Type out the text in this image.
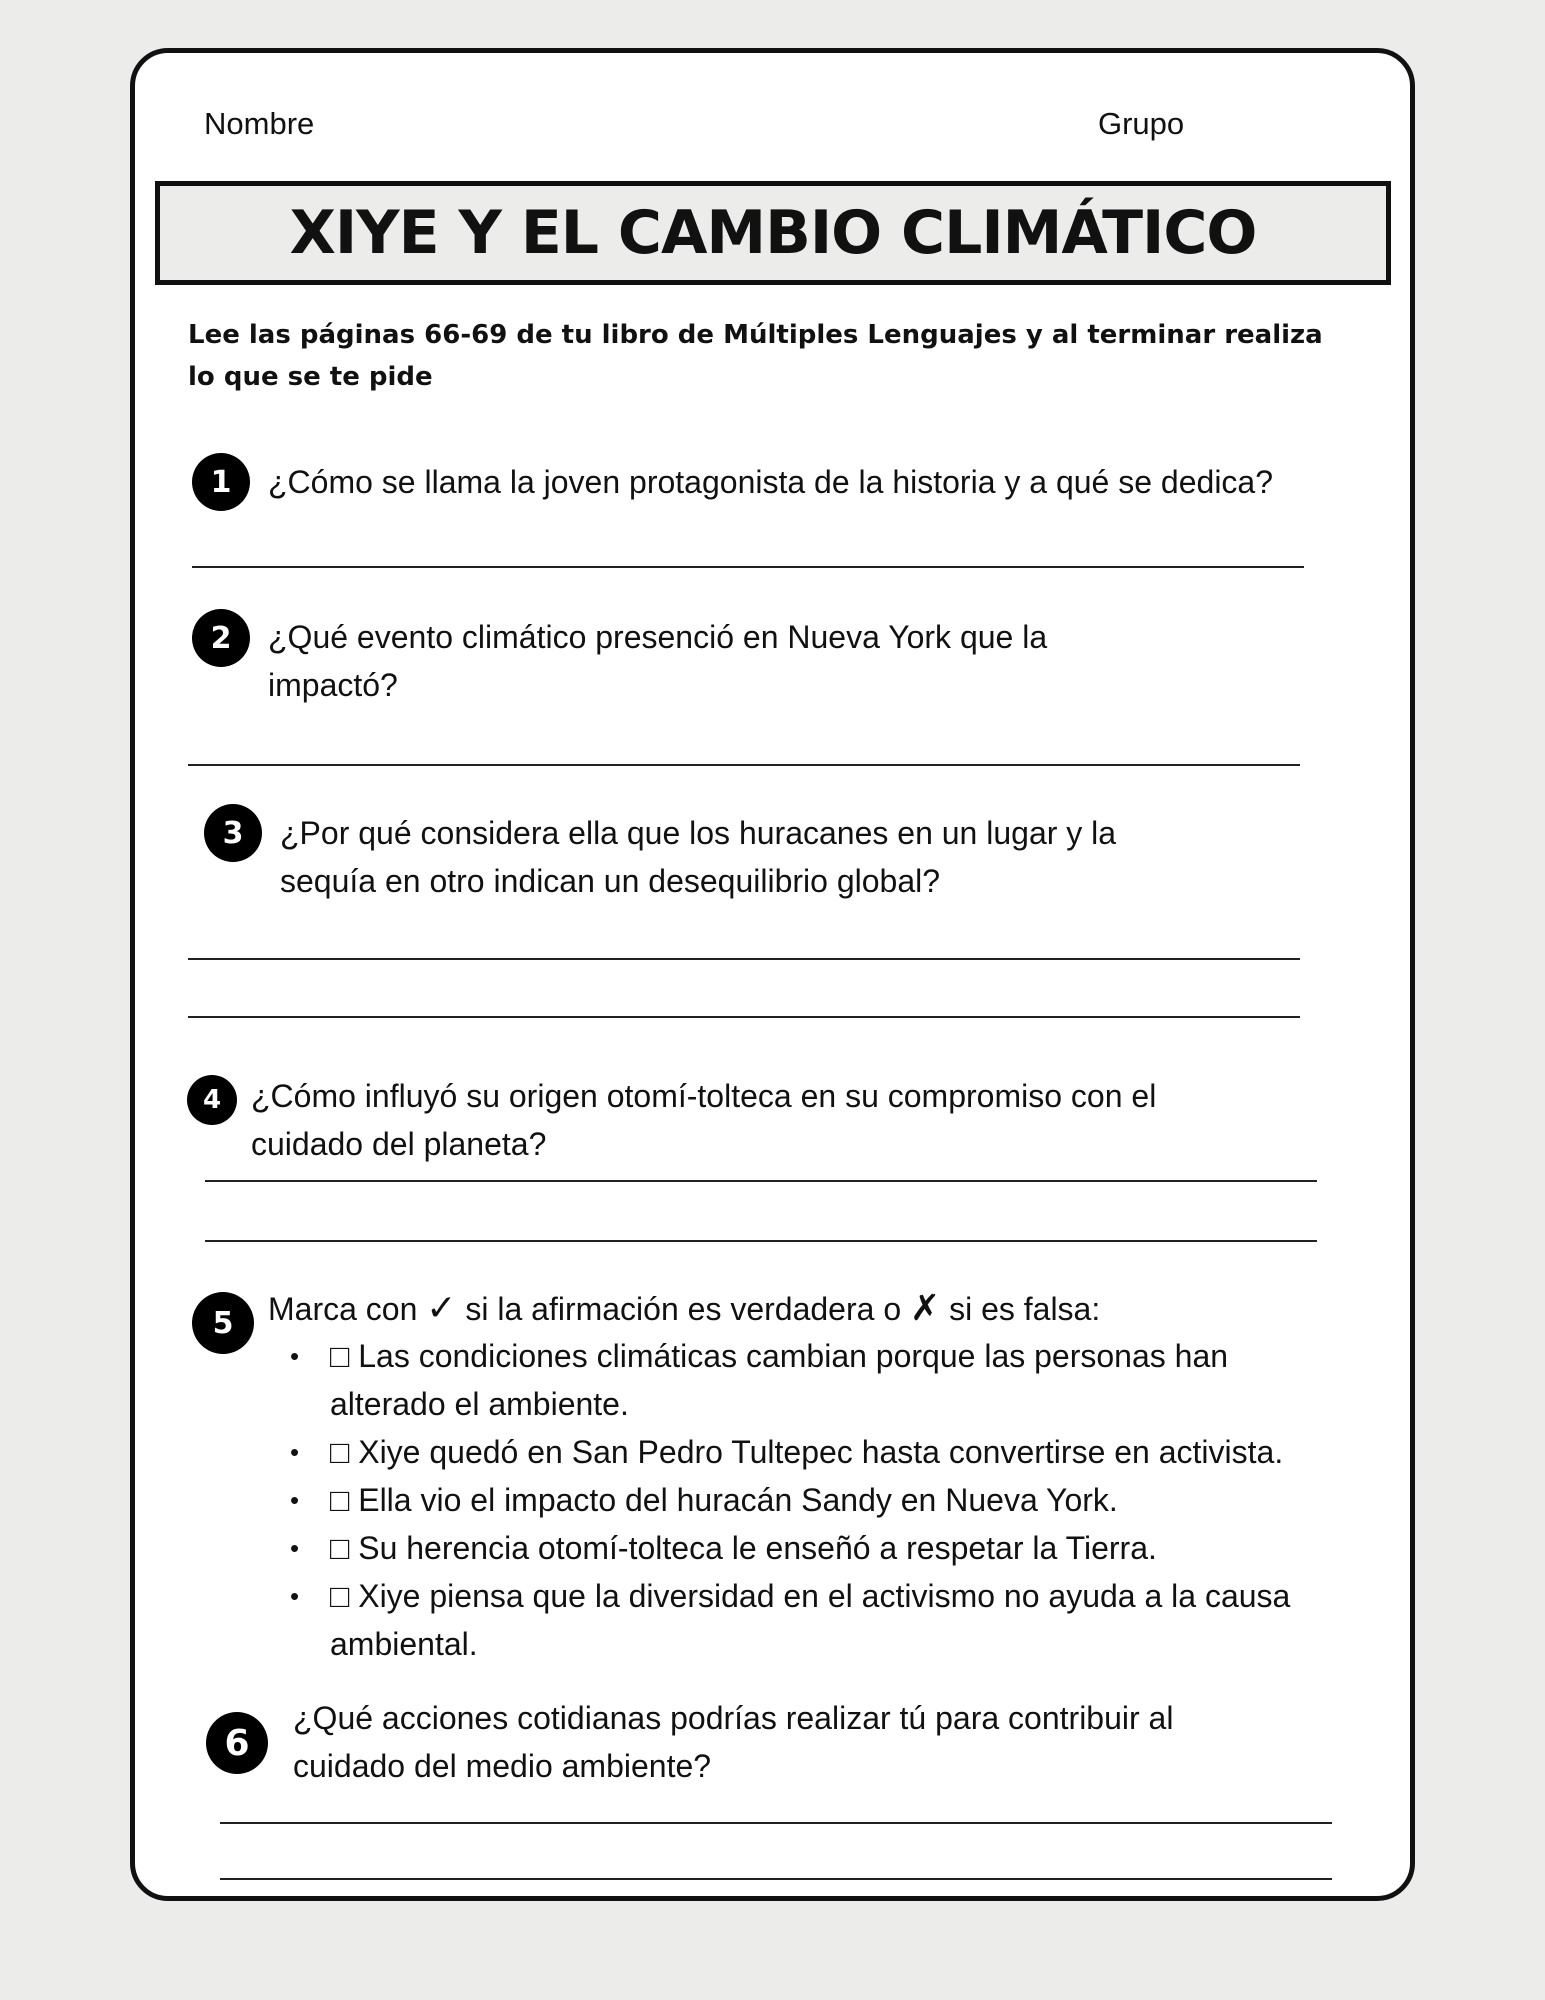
Nombre	Grupo
XIYE Y EL CAMBIO CLIMÁTICO
Lee las páginas 66-69 de tu libro de Múltiples Lenguajes y al terminar realiza lo que se te pide
1	¿Cómo se llama la joven protagonista de la historia y a qué se dedica?
2	¿Qué evento climático presenció en Nueva York que la
impactó?
3	¿Por qué considera ella que los huracanes en un lugar y la
sequía en otro indican un desequilibrio global?
4 ¿Cómo influyó su origen otomí-tolteca en su compromiso con el
cuidado del planeta?
5	Marca con ✓ si la afirmación es verdadera o ✗ si es falsa:
• □ Las condiciones climáticas cambian porque las personas han
alterado el ambiente.
• □ Xiye quedó en San Pedro Tultepec hasta convertirse en activista.
• □ Ella vio el impacto del huracán Sandy en Nueva York.
• □ Su herencia otomí-tolteca le enseñó a respetar la Tierra.
• □ Xiye piensa que la diversidad en el activismo no ayuda a la causa
ambiental.
6
¿Qué acciones cotidianas podrías realizar tú para contribuir al
cuidado del medio ambiente?
